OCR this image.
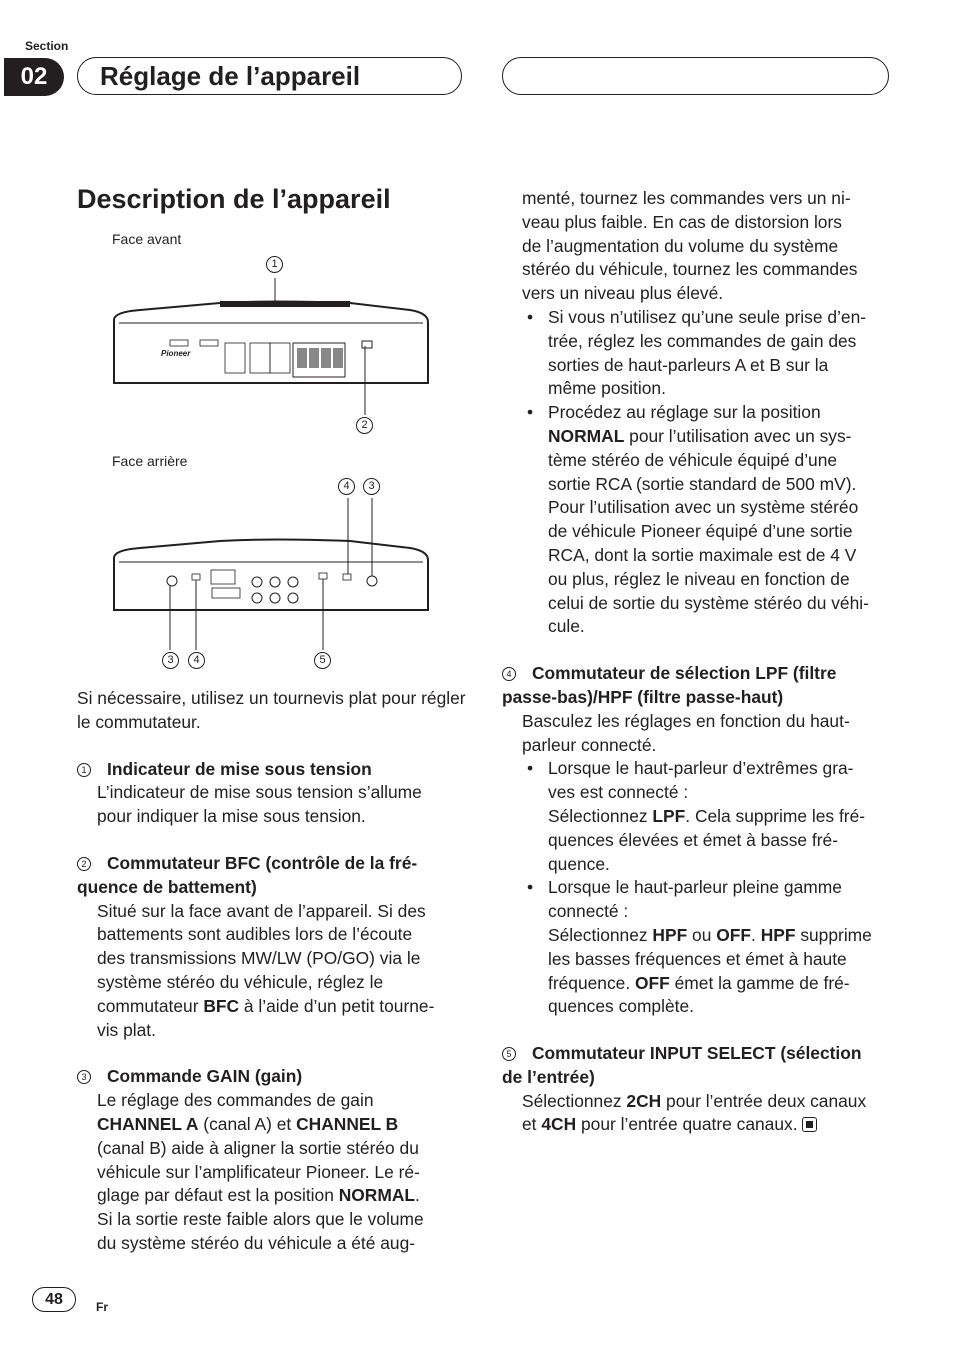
Section
02	Réglage de l’appareil
Description de l’appareil
Face avant
Pioneer
1
2
Face arrière
4	3
3	4	5

Si nécessaire, utilisez un tournevis plat pour régler le commutateur.

1 Indicateur de mise sous tension

L’indicateur de mise sous tension s’allume
pour indiquer la mise sous tension.

2 Commutateur BFC (contrôle de la fré-
quence de battement)

Situé sur la face avant de l’appareil. Si des
battements sont audibles lors de l’écoute
des transmissions MW/LW (PO/GO) via le
système stéréo du véhicule, réglez le
commutateur BFC à l’aide d’un petit tourne-
vis plat.

3 Commande GAIN (gain)

Le réglage des commandes de gain
CHANNEL A (canal A) et CHANNEL B
(canal B) aide à aligner la sortie stéréo du
véhicule sur l’amplificateur Pioneer. Le ré-
glage par défaut est la position NORMAL.
Si la sortie reste faible alors que le volume
du système stéréo du véhicule a été aug-
menté, tournez les commandes vers un ni-
veau plus faible. En cas de distorsion lors
de l’augmentation du volume du système
stéréo du véhicule, tournez les commandes
vers un niveau plus élevé.
• Si vous n’utilisez qu’une seule prise d’en-
trée, réglez les commandes de gain des
sorties de haut-parleurs A et B sur la
même position.
• Procédez au réglage sur la position
NORMAL pour l’utilisation avec un sys-
tème stéréo de véhicule équipé d’une
sortie RCA (sortie standard de 500 mV).
Pour l’utilisation avec un système stéréo
de véhicule Pioneer équipé d’une sortie
RCA, dont la sortie maximale est de 4 V
ou plus, réglez le niveau en fonction de
celui de sortie du système stéréo du véhi-
cule.

4 Commutateur de sélection LPF (filtre
passe-bas)/HPF (filtre passe-haut)

Basculez les réglages en fonction du haut-
parleur connecté.
• Lorsque le haut-parleur d’extrêmes gra-
ves est connecté :
Sélectionnez LPF. Cela supprime les fré-
quences élevées et émet à basse fré-
quence.
• Lorsque le haut-parleur pleine gamme
connecté :
Sélectionnez HPF ou OFF. HPF supprime
les basses fréquences et émet à haute
fréquence. OFF émet la gamme de fré-
quences complète.

5 Commutateur INPUT SELECT (sélection
de l’entrée)

Sélectionnez 2CH pour l’entrée deux canaux
et 4CH pour l’entrée quatre canaux.
48	Fr
